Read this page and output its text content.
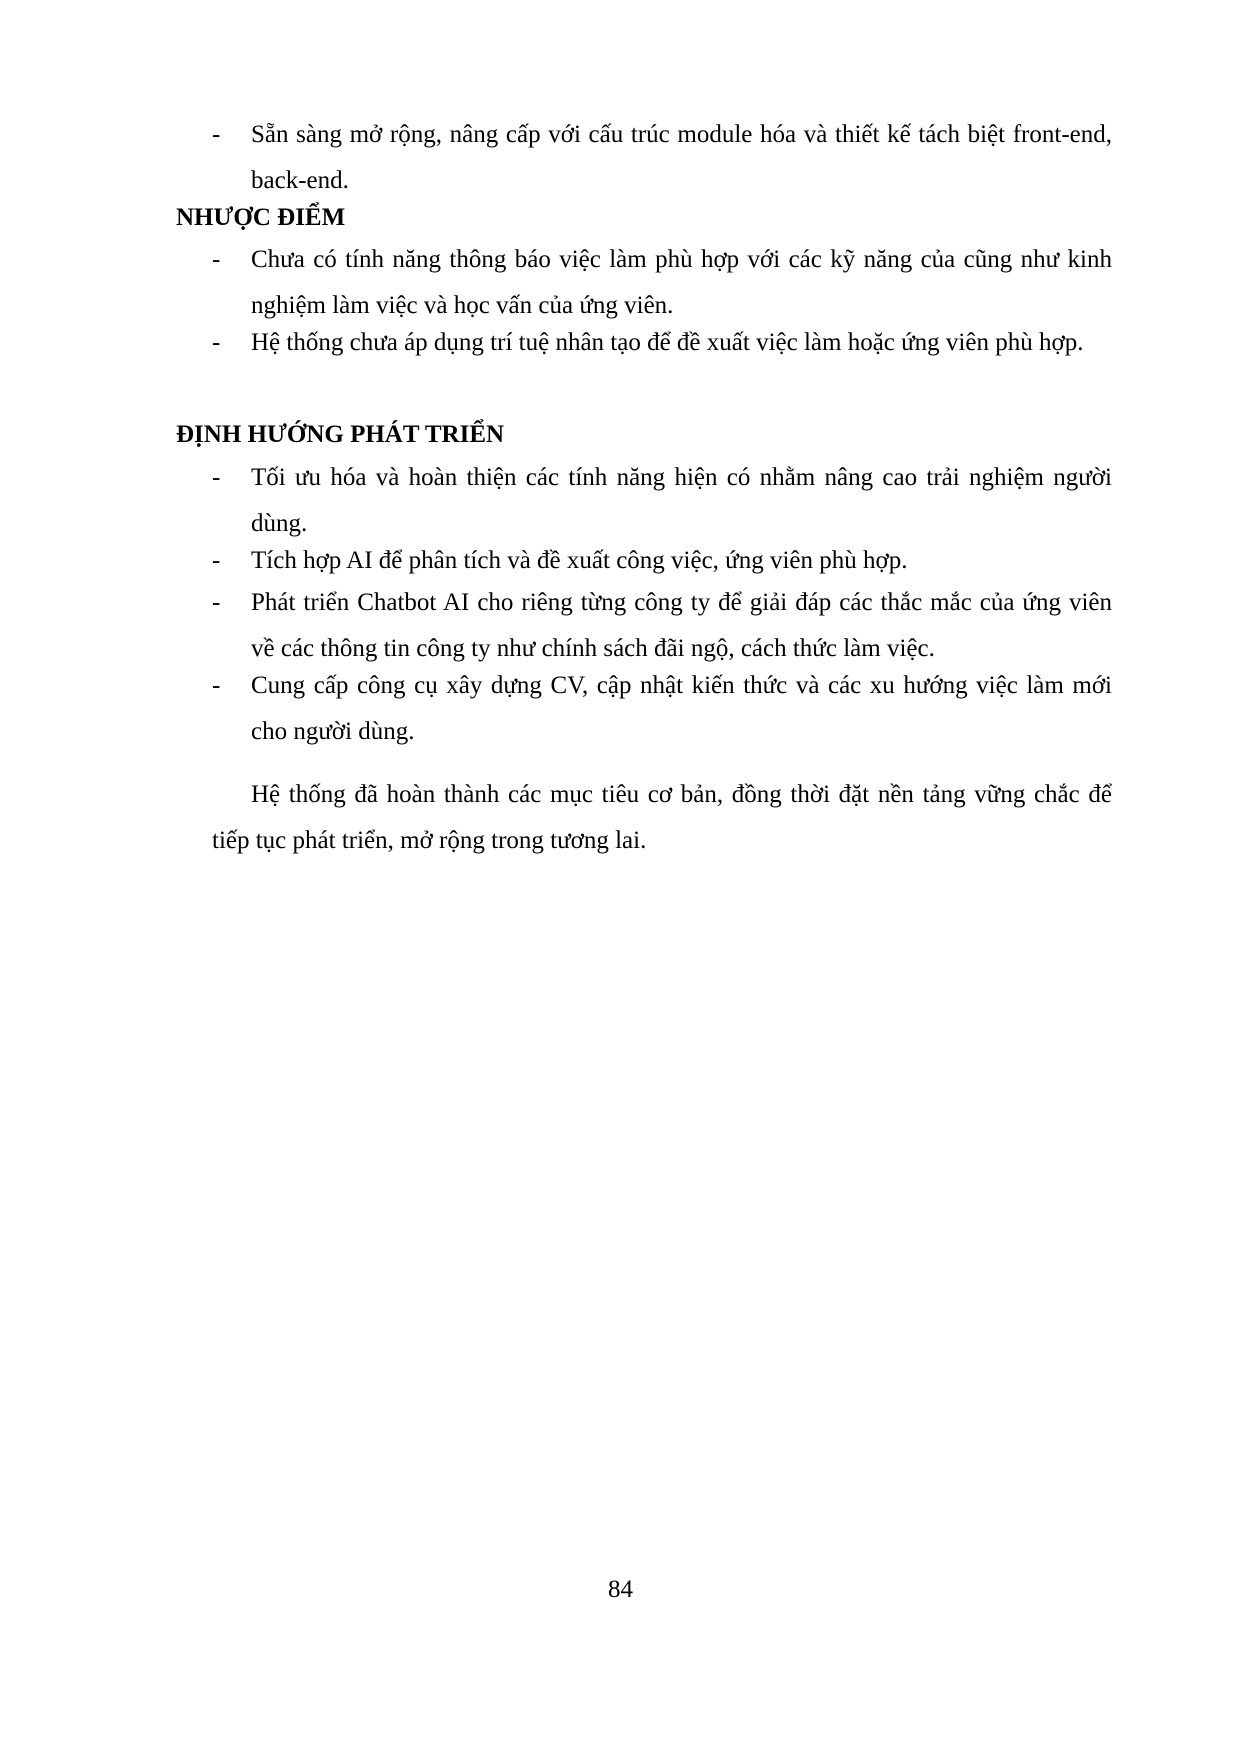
- Sẵn sàng mở rộng, nâng cấp với cấu trúc module hóa và thiết kế tách biệt front-end, back-end.
NHƯỢC ĐIỂM
- Chưa có tính năng thông báo việc làm phù hợp với các kỹ năng của cũng như kinh nghiệm làm việc và học vấn của ứng viên.
- Hệ thống chưa áp dụng trí tuệ nhân tạo để đề xuất việc làm hoặc ứng viên phù hợp.
ĐỊNH HƯỚNG PHÁT TRIỂN
- Tối ưu hóa và hoàn thiện các tính năng hiện có nhằm nâng cao trải nghiệm người dùng.
- Tích hợp AI để phân tích và đề xuất công việc, ứng viên phù hợp.
- Phát triển Chatbot AI cho riêng từng công ty để giải đáp các thắc mắc của ứng viên về các thông tin công ty như chính sách đãi ngộ, cách thức làm việc.
- Cung cấp công cụ xây dựng CV, cập nhật kiến thức và các xu hướng việc làm mới cho người dùng.
Hệ thống đã hoàn thành các mục tiêu cơ bản, đồng thời đặt nền tảng vững chắc để tiếp tục phát triển, mở rộng trong tương lai.
84
